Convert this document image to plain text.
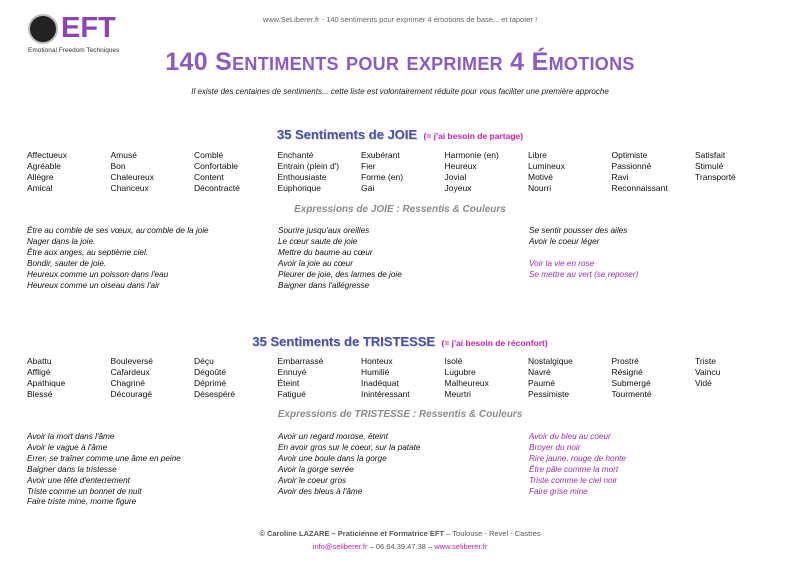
EFT
Emotional Freedom Techniques
www.SeLiberer.fr - 140 sentiments pour exprimer 4 émotions de base... et tapoter !
140 Sentiments pour exprimer 4 Émotions
Il existe des centaines de sentiments... cette liste est volontairement réduite pour vous faciliter une première approche
35 Sentiments de JOIE (= j'ai besoin de partage)
Affectueux
Agréable
Allègre
Amical
Amusé
Bon
Chaleureux
Chanceux
Comblé
Confortable
Content
Décontracté
Enchanté
Entrain (plein d')
Enthousiaste
Euphorique
Exubérant
Fier
Forme (en)
Gai
Harmonie (en)
Heureux
Jovial
Joyeux
Libre
Lumineux
Motivé
Nourri
Optimiste
Passionné
Ravi
Reconnaissant
Satisfait
Stimulé
Transporté
Expressions de JOIE : Ressentis & Couleurs
Être au comble de ses vœux, au comble de la joie
Nager dans la joie.
Être aux anges, au septième ciel.
Bondir, sauter de joie.
Heureux comme un poisson dans l'eau
Heureux comme un oiseau dans l'air
Sourire jusqu'aux oreilles
Le cœur saute de joie
Mettre du baume au cœur
Avoir la joie au cœur
Pleurer de joie, des larmes de joie
Baigner dans l'allégresse
Se sentir pousser des ailes
Avoir le coeur léger
Voir la vie en rose
Se mettre au vert (se reposer)
35 Sentiments de TRISTESSE (= j'ai besoin de réconfort)
Abattu
Affligé
Apathique
Blessé
Bouleversé
Cafardeux
Chagriné
Découragé
Déçu
Dégoûté
Déprimé
Désespéré
Embarrassé
Ennuyé
Éteint
Fatigué
Honteux
Humilié
Inadéquat
Inintéressant
Isolé
Lugubre
Malheureux
Meurtri
Nostalgique
Navré
Paumé
Pessimiste
Prostré
Résigné
Submergé
Tourmenté
Triste
Vaincu
Vidé
Expressions de TRISTESSE : Ressentis & Couleurs
Avoir la mort dans l'âme
Avoir le vague à l'âme
Errer, se traîner comme une âme en peine
Baigner dans la tristesse
Avoir une tête d'enterrement
Triste comme un bonnet de nuit
Faire triste mine, morne figure
Avoir un regard morose, éteint
En avoir gros sur le coeur, sur la patate
Avoir une boule dans la gorge
Avoir la gorge serrée
Avoir le coeur gros
Avoir des bleus à l'âme
Avoir du bleu au coeur
Broyer du noir
Rire jaune, rouge de honte
Être pâle comme la mort
Triste comme le ciel noir
Faire grise mine
© Caroline LAZARE – Praticienne et Formatrice EFT – Toulouse - Revel - Castres
info@seliberer.fr – 06.64.39.47.38 – www.seliberer.fr
